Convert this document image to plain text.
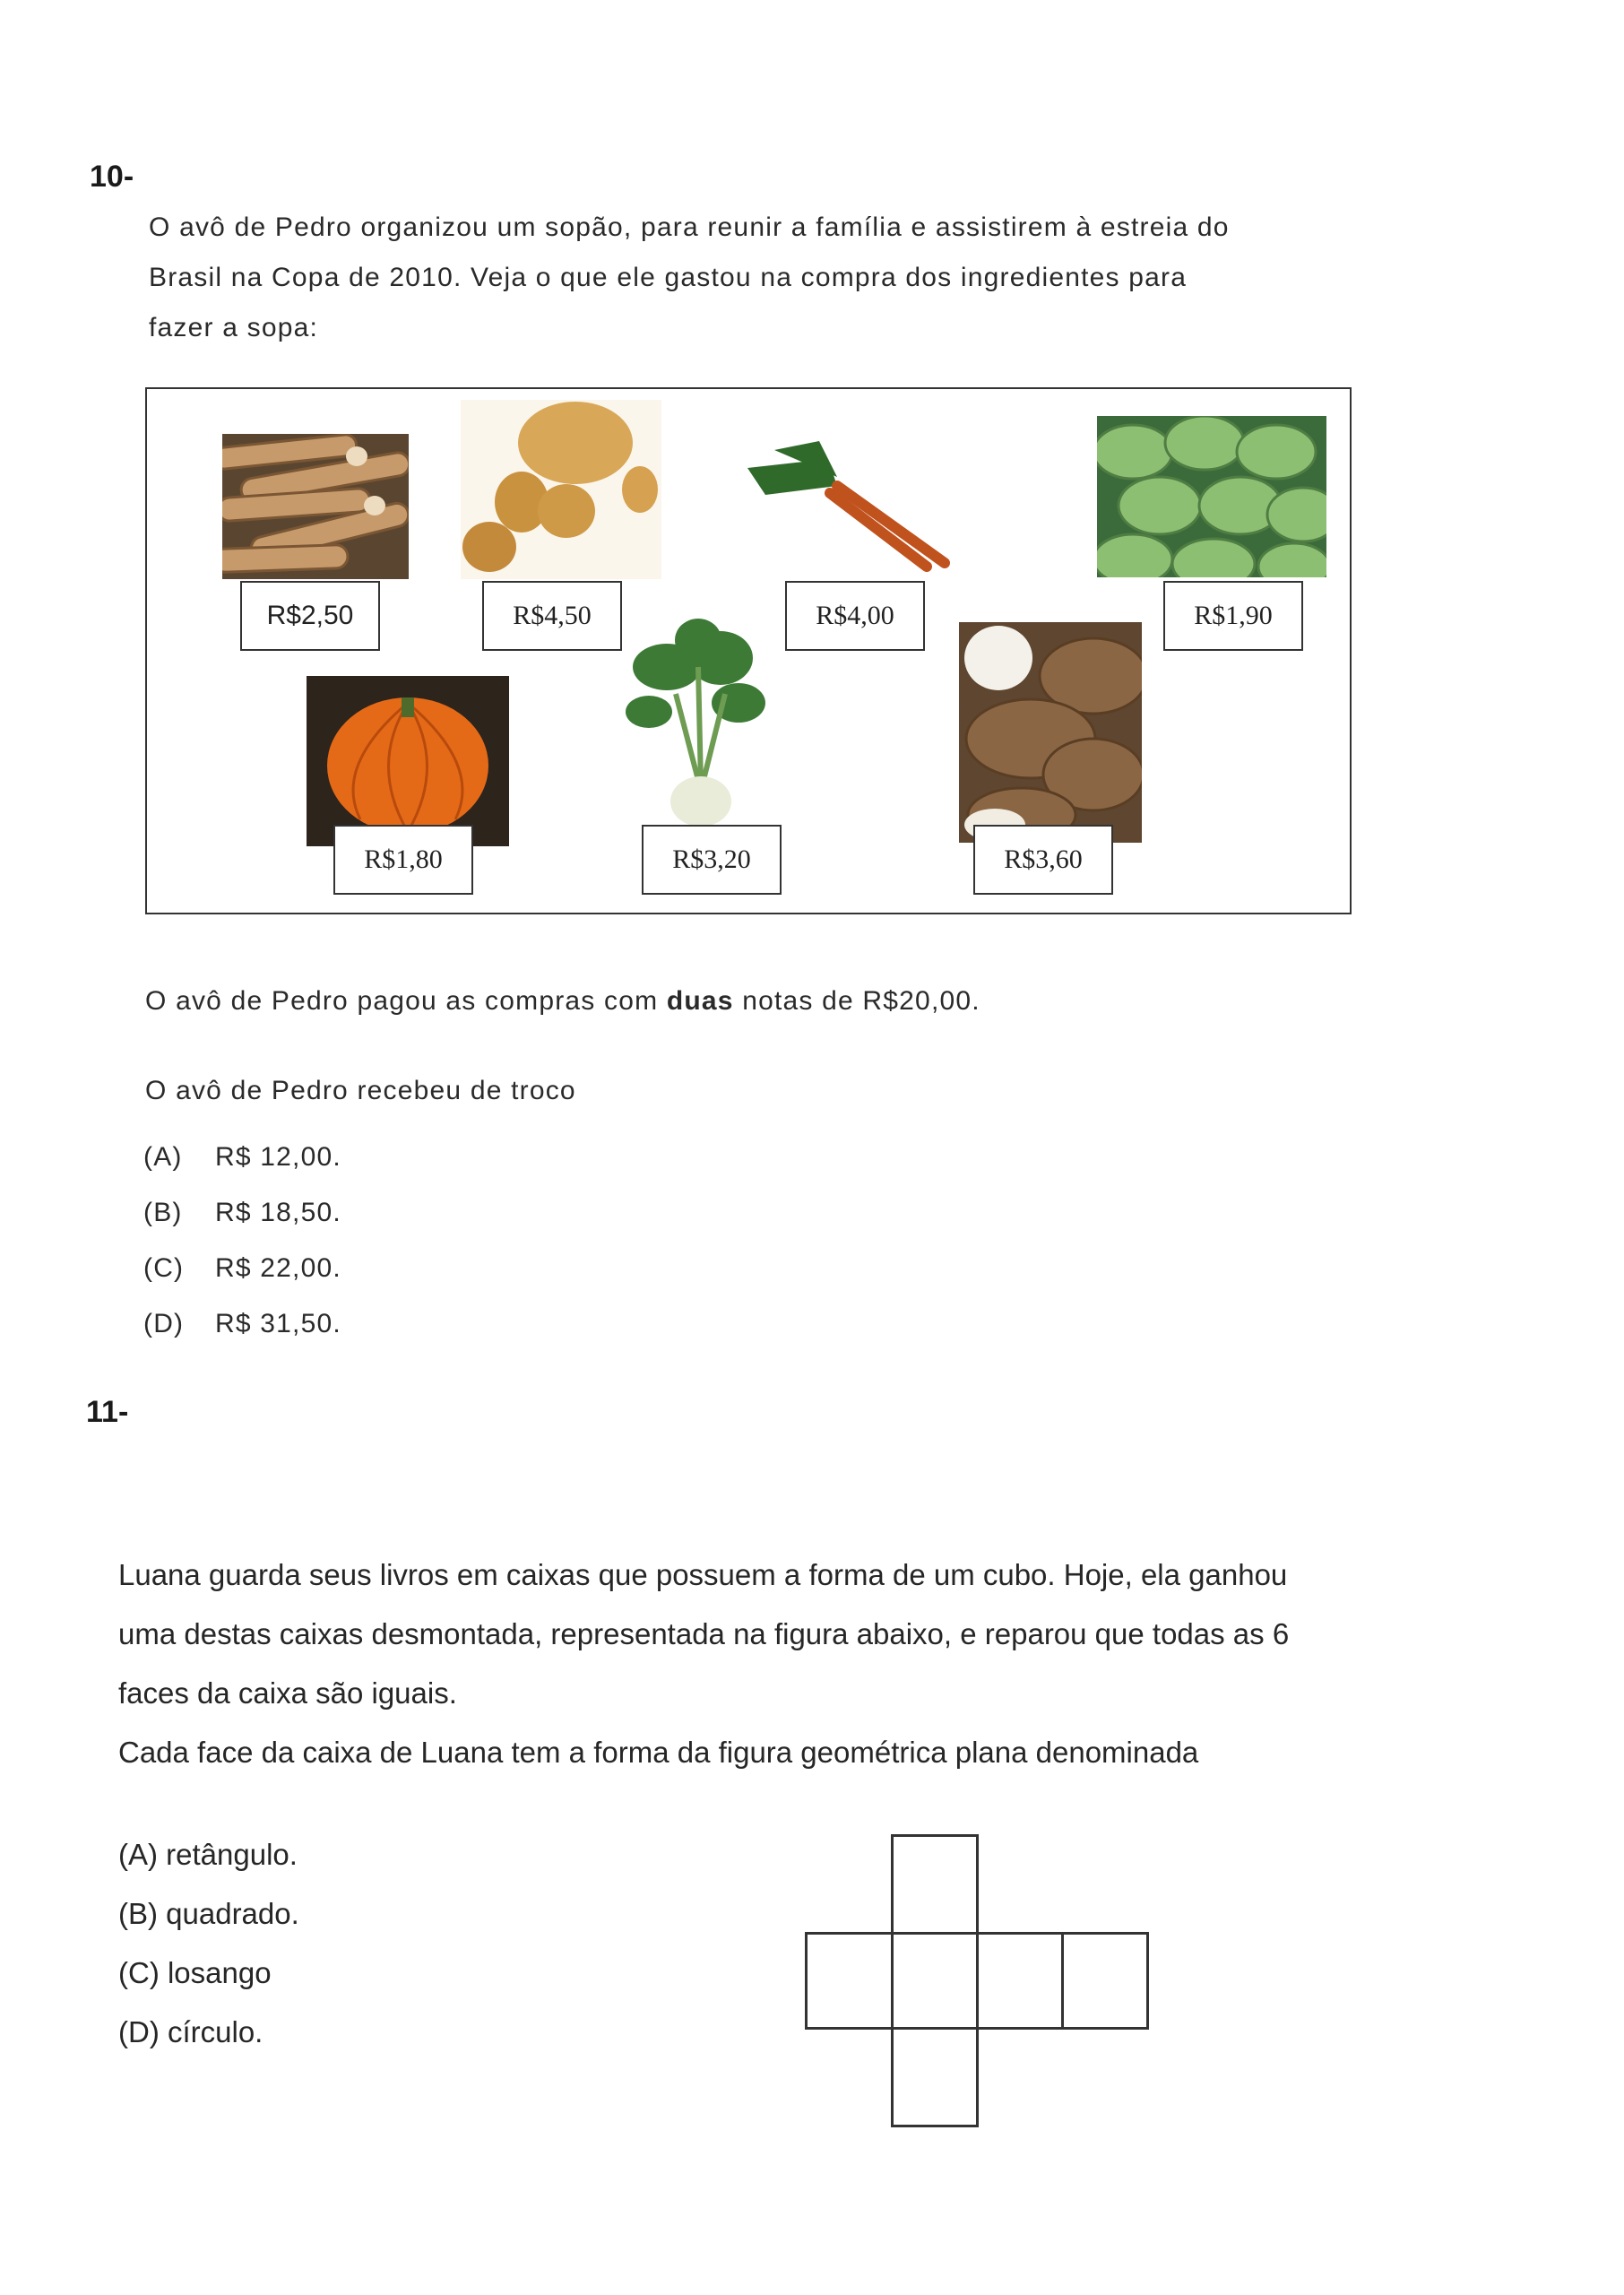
10-
O avô de Pedro organizou um sopão, para reunir a família e assistirem à estreia do
Brasil na Copa de 2010. Veja o que ele gastou na compra dos ingredientes para
fazer a sopa:
R$2,50	R$4,50	R$4,00	R$1,90
R$1,80	R$3,20	R$3,60
O avô de Pedro pagou as compras com duas notas de R$20,00.
O avô de Pedro recebeu de troco
(A) R$ 12,00.
(B) R$ 18,50.
(C) R$ 22,00.
(D) R$ 31,50.
11-
Luana guarda seus livros em caixas que possuem a forma de um cubo. Hoje, ela ganhou
uma destas caixas desmontada, representada na figura abaixo, e reparou que todas as 6
faces da caixa são iguais.
Cada face da caixa de Luana tem a forma da figura geométrica plana denominada
(A) retângulo.
(B) quadrado.
(C) losango
(D) círculo.
